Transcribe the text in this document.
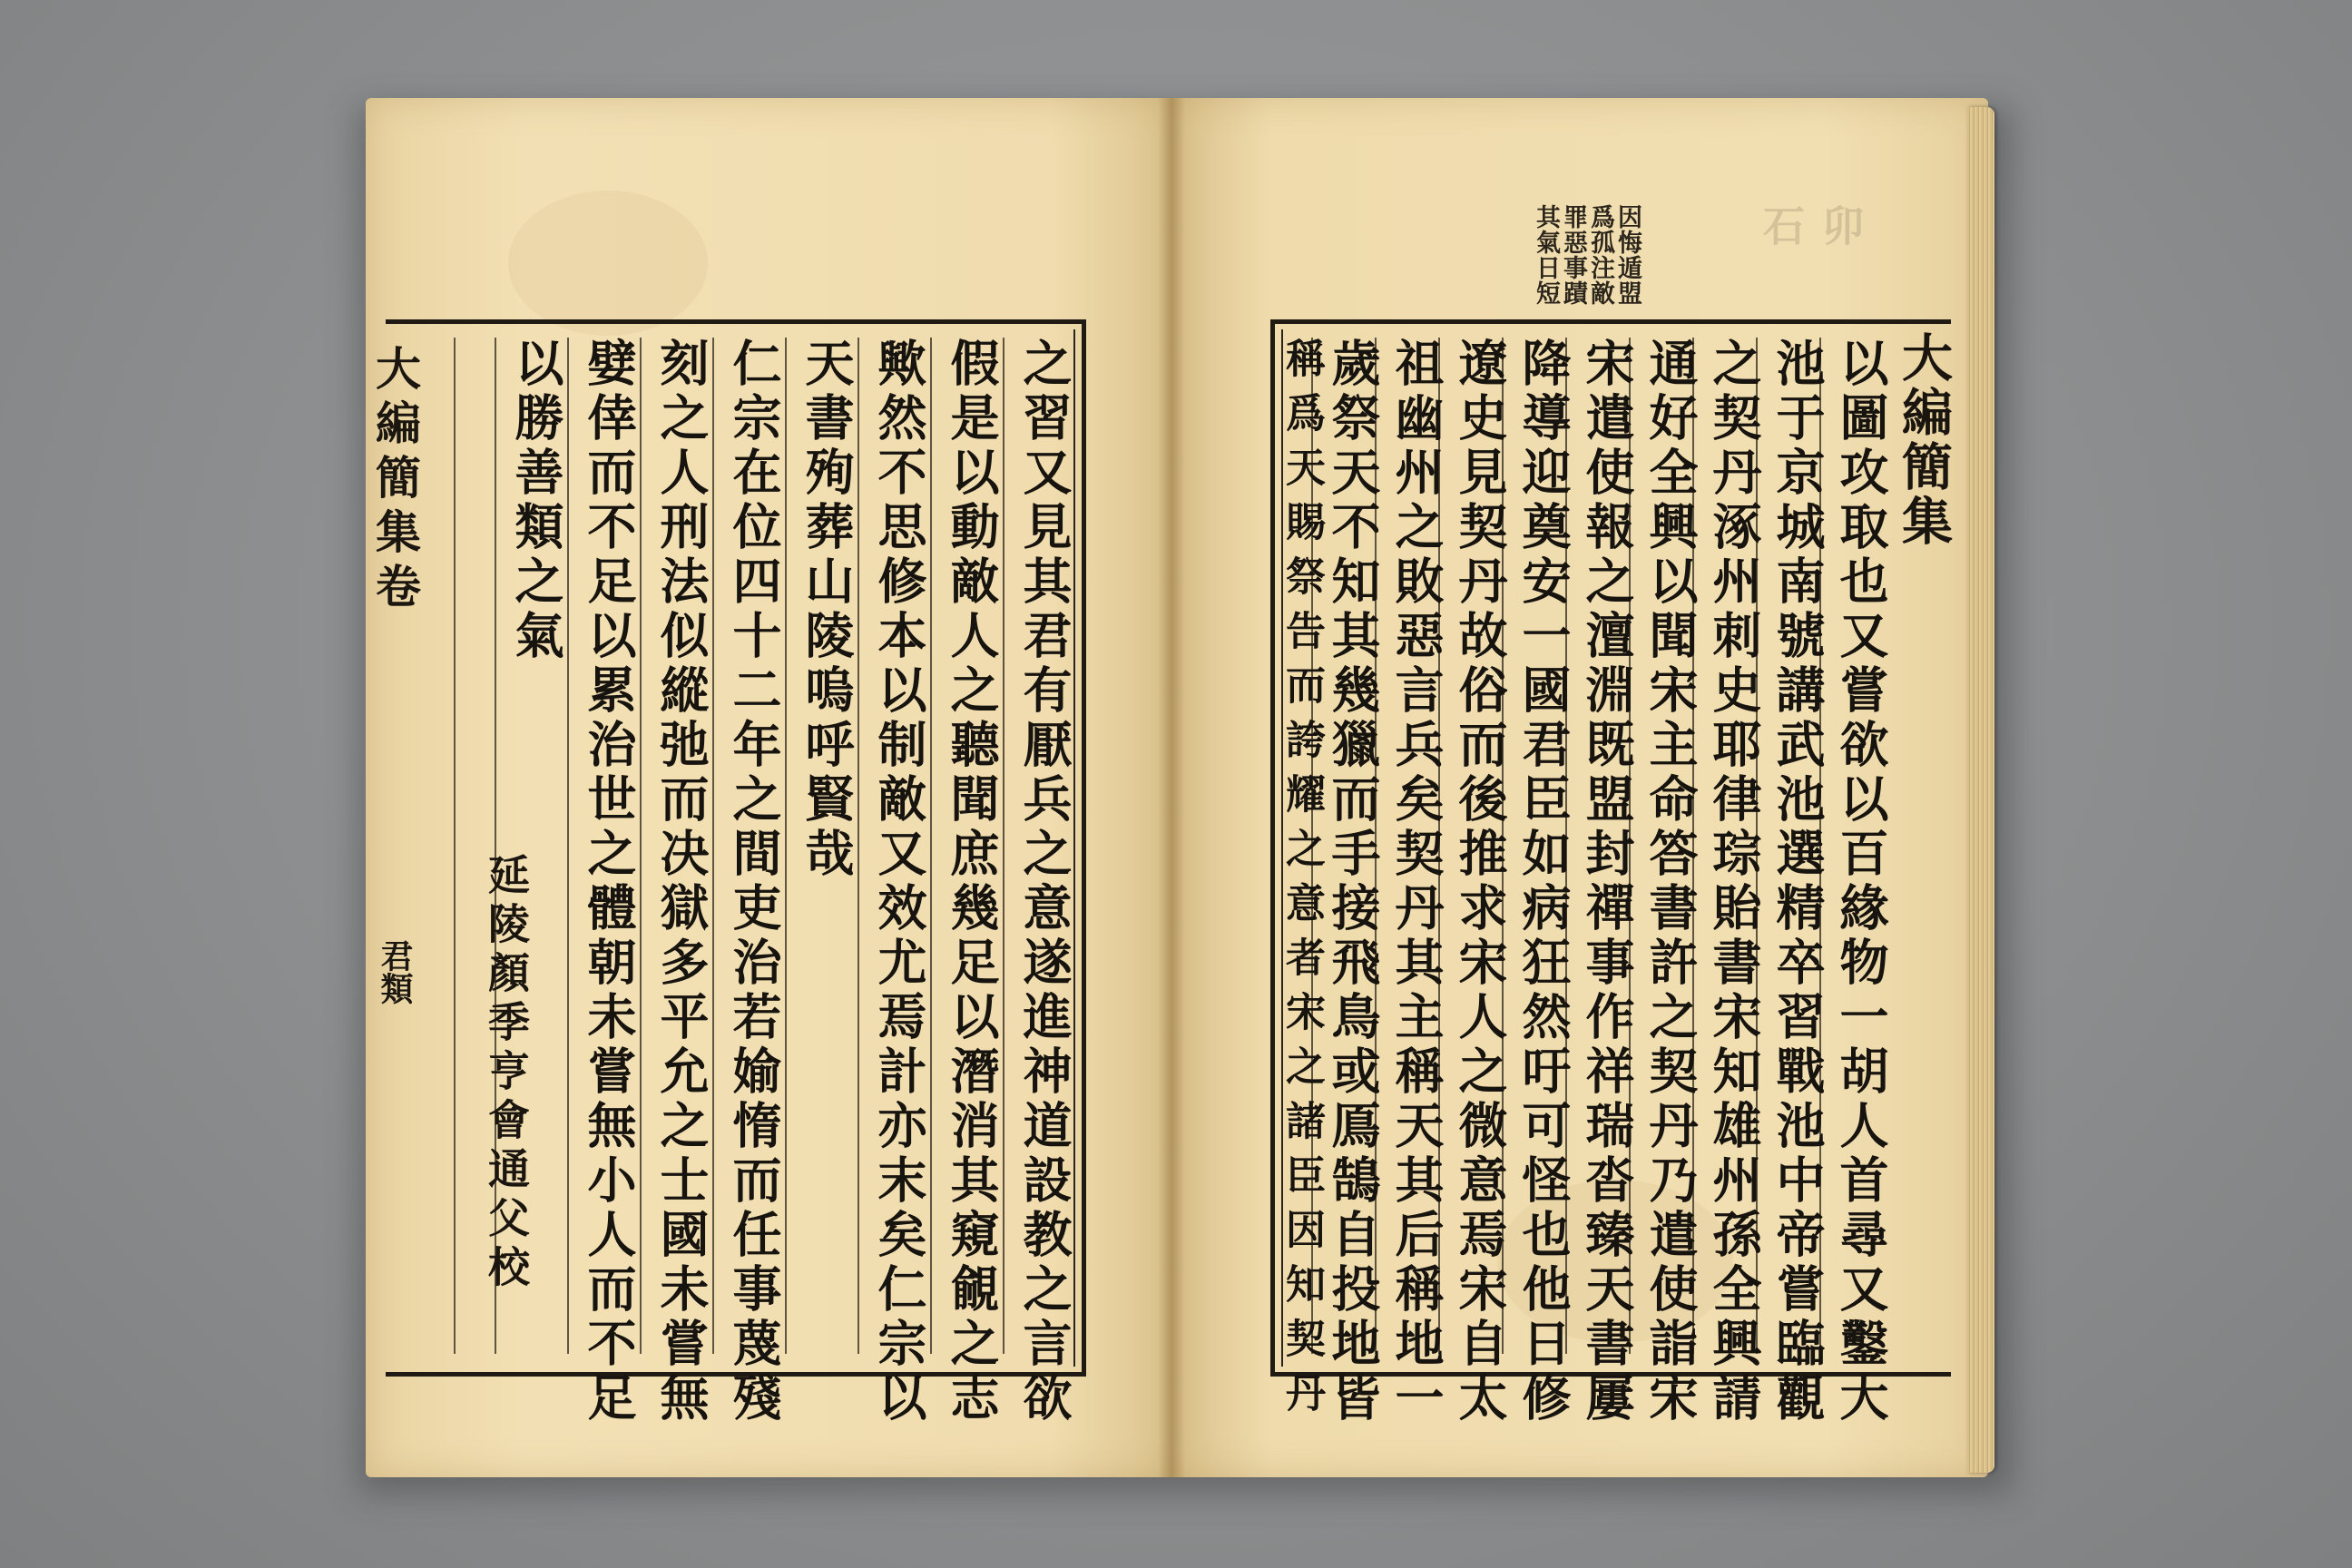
卯
石
大編簡集卷
君類	之習又見其君有厭兵之意遂進神道設教之言欲
假是以動敵人之聽聞庶幾足以潛消其窺覦之志
歟然不思修本以制敵又效尤焉計亦末矣仁宗以
天書殉葬山陵嗚呼賢哉
仁宗在位四十二年之間吏治若媮惰而任事蔑殘
刻之人刑法似縱弛而决獄多平允之士國未嘗無
嬖倖而不足以累治世之體朝未嘗無小人而不足
以勝善類之氣
延陵顏季亨會通父校
因悔遁盟
爲孤注敵
罪惡事蹟
其氣日短
以圖攻取也又嘗欲以百緣物一胡人首尋又鑿大
池于京城南號講武池選精卒習戰池中帝嘗臨觀
之契丹涿州刺史耶律琮貽書宋知雄州孫全興請
通好全興以聞宋主命答書許之契丹乃遣使詣宋
宋遣使報之澶淵既盟封禪事作祥瑞沓臻天書屢
降導迎奠安一國君臣如病狂然吁可怪也他日修
遼史見契丹故俗而後推求宋人之微意焉宋自太
祖幽州之敗惡言兵矣契丹其主稱天其后稱地一
歲祭天不知其幾獵而手接飛鳥或鳫鵠自投地皆
稱爲天賜祭告而誇耀之意者宋之諸臣因知契丹	大編簡集
